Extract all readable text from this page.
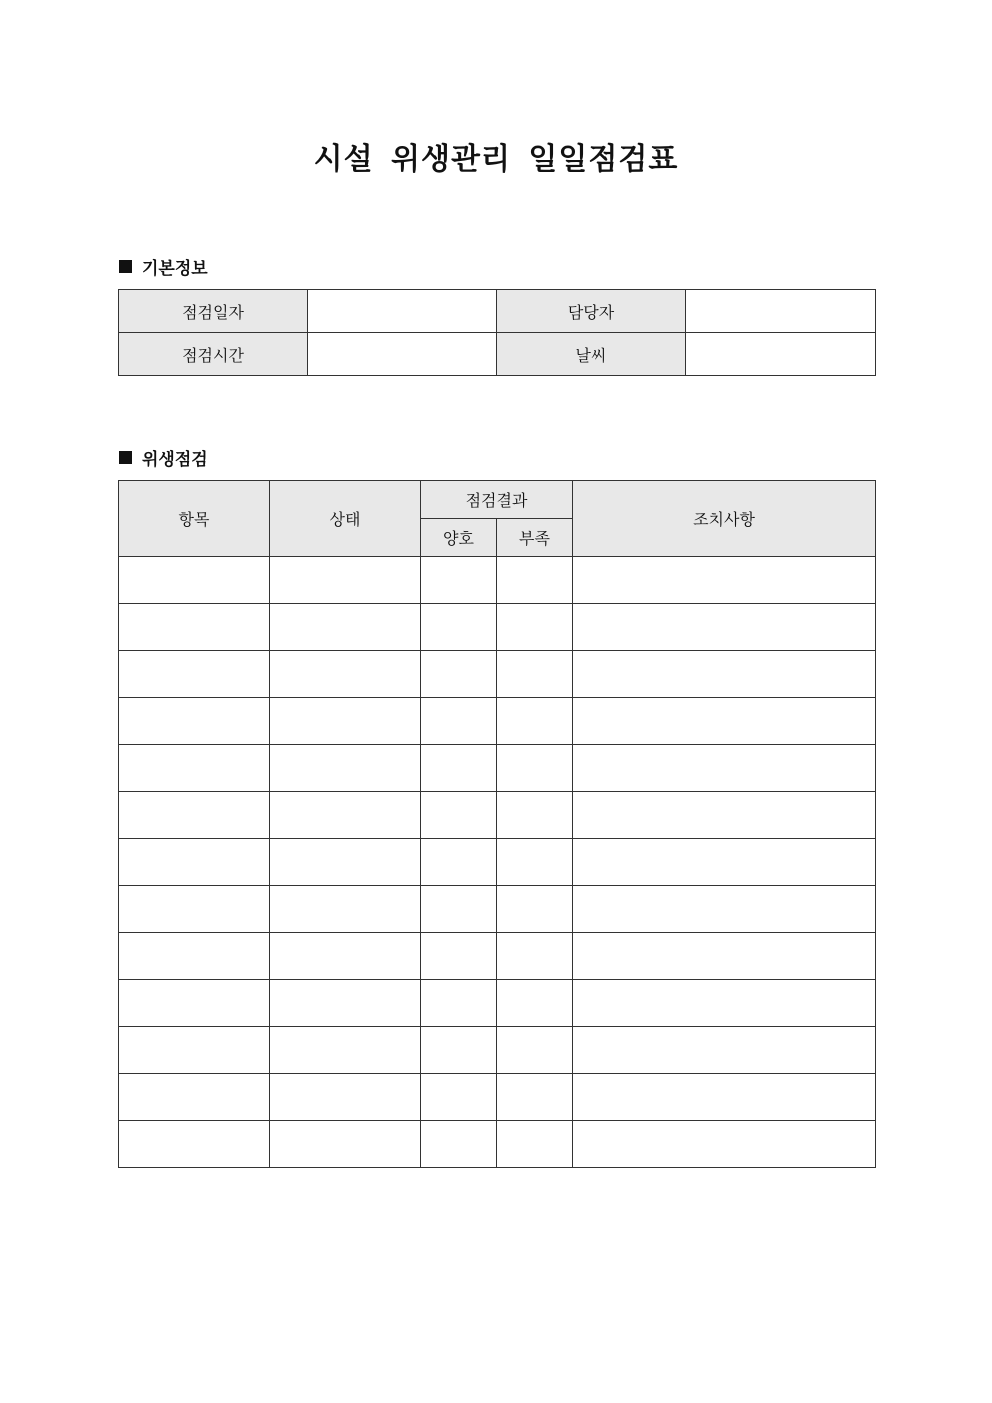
시설 위생관리 일일점검표
기본정보
점검일자		담당자	
점검시간		날씨	
위생점검
항목	상태	점검결과		조치사항
		양호	부족	
